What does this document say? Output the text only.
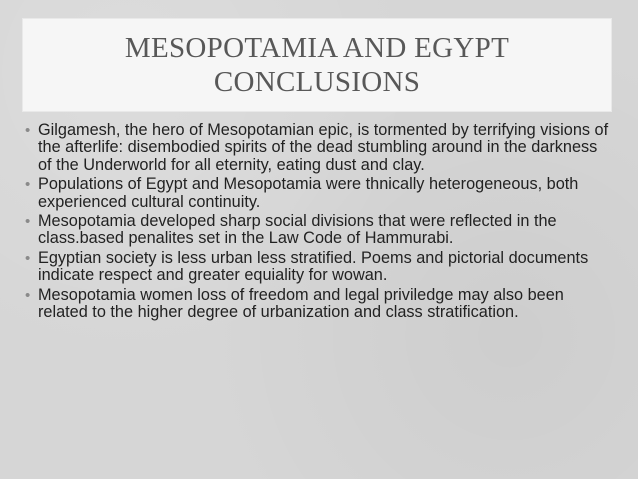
MESOPOTAMIA AND EGYPT
CONCLUSIONS
• Gilgamesh, the hero of Mesopotamian epic, is tormented by terrifying visions of the afterlife: disembodied spirits of the dead stumbling around in the darkness of the Underworld for all eternity, eating dust and clay.
• Populations of Egypt and Mesopotamia were thnically heterogeneous, both experienced cultural continuity.
• Mesopotamia developed sharp social divisions that were reflected in the class.based penalites set in the Law Code of Hammurabi.
• Egyptian society is less urban less stratified. Poems and pictorial documents indicate respect and greater equiality for wowan.
• Mesopotamia women loss of freedom and legal priviledge may also been related to the higher degree of urbanization and class stratification.
